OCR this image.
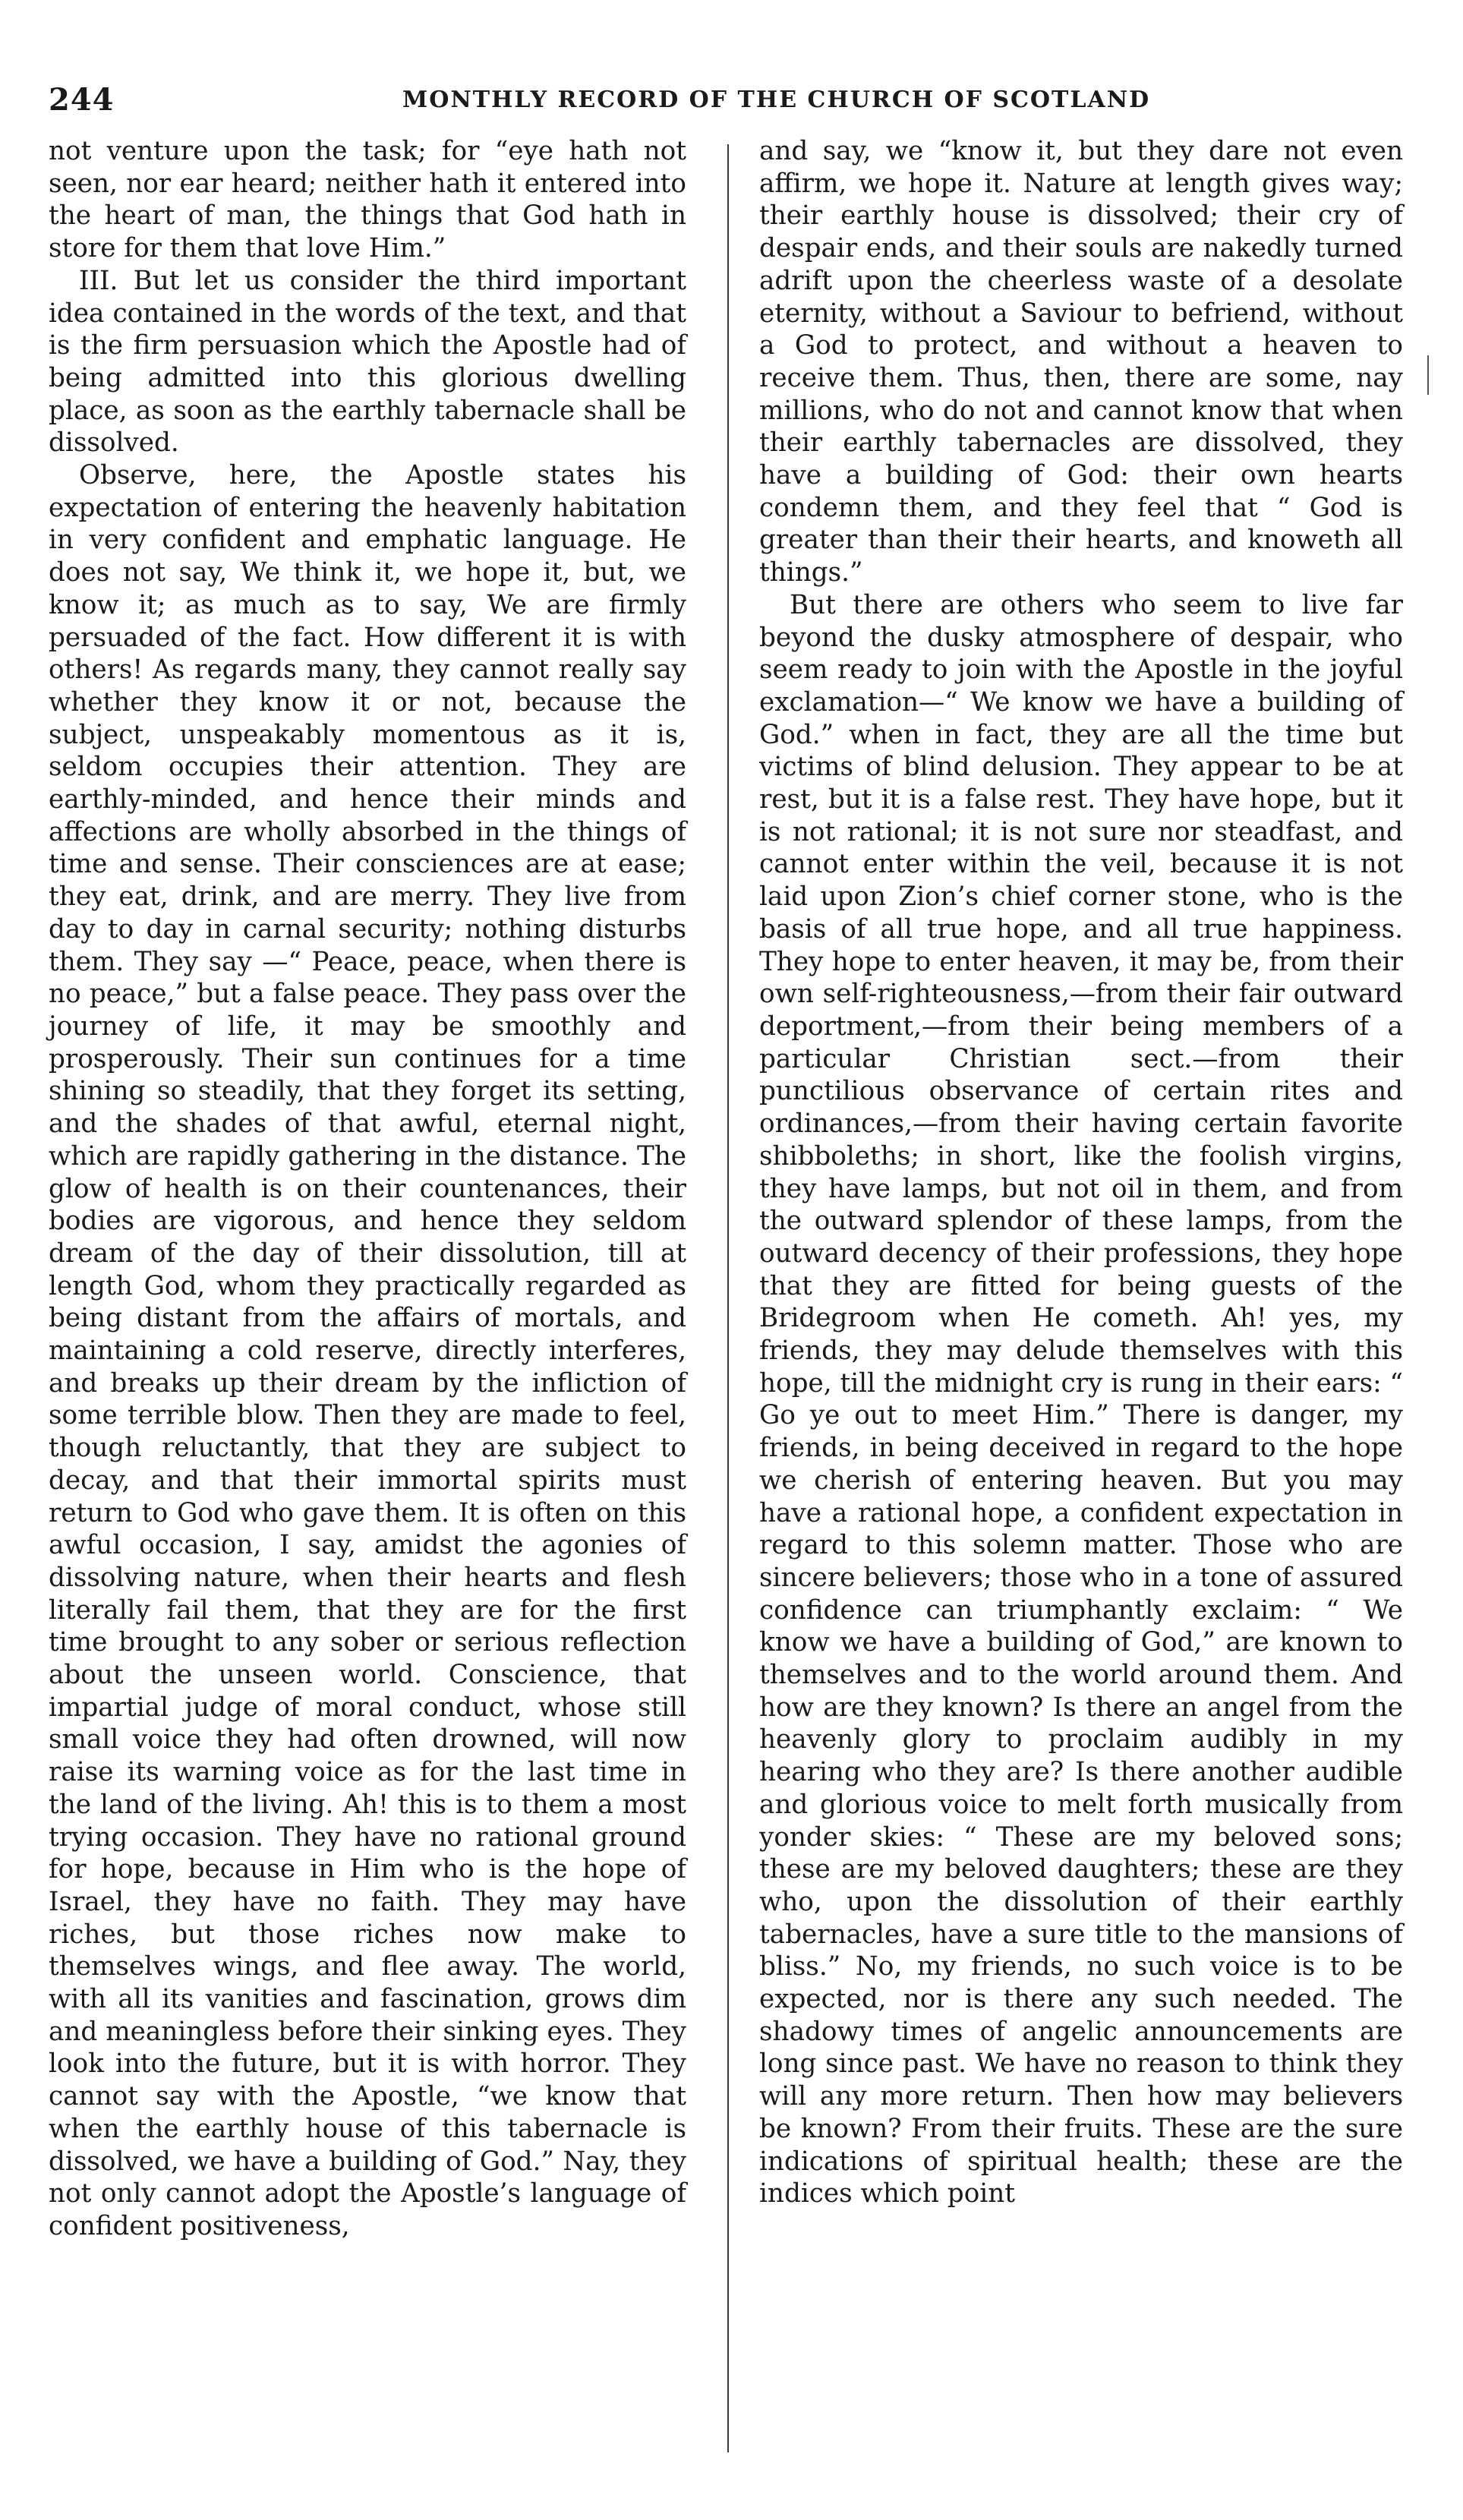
244	MONTHLY RECORD OF THE CHURCH OF SCOTLAND

not venture upon the task; for “eye hath not seen, nor ear heard; neither hath it entered into the heart of man, the things that God hath in store for them that love Him.”

III. But let us consider the third important idea contained in the words of the text, and that is the firm persuasion which the Apostle had of being admitted into this glorious dwelling place, as soon as the earthly tabernacle shall be dissolved.

Observe, here, the Apostle states his expectation of entering the heavenly habitation in very confident and emphatic language. He does not say, We think it, we hope it, but, we know it; as much as to say, We are firmly persuaded of the fact. How different it is with others! As regards many, they cannot really say whether they know it or not, because the subject, unspeakably momentous as it is, seldom occupies their attention. They are earthly-minded, and hence their minds and affections are wholly absorbed in the things of time and sense. Their consciences are at ease; they eat, drink, and are merry. They live from day to day in carnal security; nothing disturbs them. They say —“ Peace, peace, when there is no peace,” but a false peace. They pass over the journey of life, it may be smoothly and prosperously. Their sun continues for a time shining so steadily, that they forget its setting, and the shades of that awful, eternal night, which are rapidly gathering in the distance. The glow of health is on their countenances, their bodies are vigorous, and hence they seldom dream of the day of their dissolution, till at length God, whom they practically regarded as being distant from the affairs of mortals, and maintaining a cold reserve, directly interferes, and breaks up their dream by the infliction of some terrible blow. Then they are made to feel, though reluctantly, that they are subject to decay, and that their immortal spirits must return to God who gave them. It is often on this awful occasion, I say, amidst the agonies of dissolving nature, when their hearts and flesh literally fail them, that they are for the first time brought to any sober or serious reflection about the unseen world. Conscience, that impartial judge of moral conduct, whose still small voice they had often drowned, will now raise its warning voice as for the last time in the land of the living. Ah! this is to them a most trying occasion. They have no rational ground for hope, because in Him who is the hope of Israel, they have no faith. They may have riches, but those riches now make to themselves wings, and flee away. The world, with all its vanities and fascination, grows dim and meaningless before their sinking eyes. They look into the future, but it is with horror. They cannot say with the Apostle, “we know that when the earthly house of this tabernacle is dissolved, we have a building of God.” Nay, they not only cannot adopt the Apostle’s language of confident positiveness,

and say, we “know it, but they dare not even affirm, we hope it. Nature at length gives way; their earthly house is dissolved; their cry of despair ends, and their souls are nakedly turned adrift upon the cheerless waste of a desolate eternity, without a Saviour to befriend, without a God to protect, and without a heaven to receive them. Thus, then, there are some, nay millions, who do not and cannot know that when their earthly tabernacles are dissolved, they have a building of God: their own hearts condemn them, and they feel that “ God is greater than their their hearts, and knoweth all things.”

But there are others who seem to live far beyond the dusky atmosphere of despair, who seem ready to join with the Apostle in the joyful exclamation—“ We know we have a building of God.” when in fact, they are all the time but victims of blind delusion. They appear to be at rest, but it is a false rest. They have hope, but it is not rational; it is not sure nor steadfast, and cannot enter within the veil, because it is not laid upon Zion’s chief corner stone, who is the basis of all true hope, and all true happiness. They hope to enter heaven, it may be, from their own self-righteousness,—from their fair outward deportment,—from their being members of a particular Christian sect.—from their punctilious observance of certain rites and ordinances,—from their having certain favorite shibboleths; in short, like the foolish virgins, they have lamps, but not oil in them, and from the outward splendor of these lamps, from the outward decency of their professions, they hope that they are fitted for being guests of the Bridegroom when He cometh. Ah! yes, my friends, they may delude themselves with this hope, till the midnight cry is rung in their ears: “ Go ye out to meet Him.” There is danger, my friends, in being deceived in regard to the hope we cherish of entering heaven. But you may have a rational hope, a confident expectation in regard to this solemn matter. Those who are sincere believers; those who in a tone of assured confidence can triumphantly exclaim: “ We know we have a building of God,” are known to themselves and to the world around them. And how are they known? Is there an angel from the heavenly glory to proclaim audibly in my hearing who they are? Is there another audible and glorious voice to melt forth musically from yonder skies: “ These are my beloved sons; these are my beloved daughters; these are they who, upon the dissolution of their earthly tabernacles, have a sure title to the mansions of bliss.” No, my friends, no such voice is to be expected, nor is there any such needed. The shadowy times of angelic announcements are long since past. We have no reason to think they will any more return. Then how may believers be known? From their fruits. These are the sure indications of spiritual health; these are the indices which point
